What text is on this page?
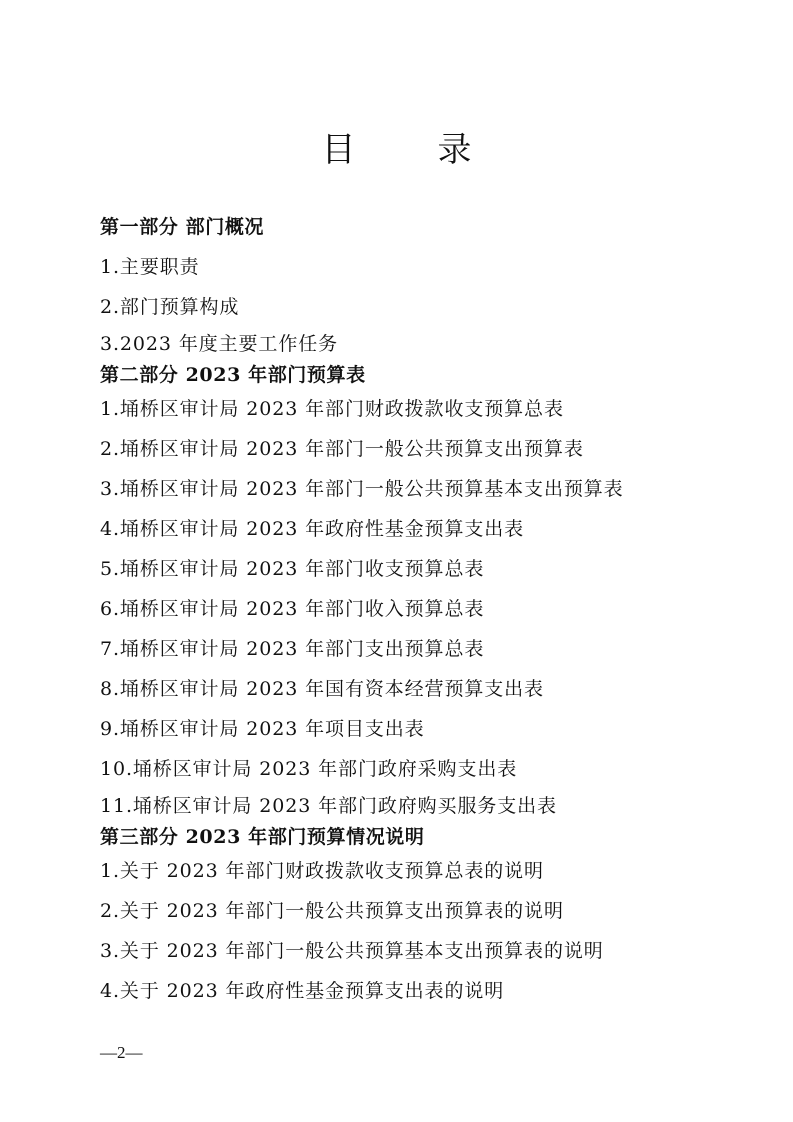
目　录
第一部分 部门概况
1.主要职责
2.部门预算构成
3.2023 年度主要工作任务
第二部分 2023 年部门预算表
1.埇桥区审计局 2023 年部门财政拨款收支预算总表
2.埇桥区审计局 2023 年部门一般公共预算支出预算表
3.埇桥区审计局 2023 年部门一般公共预算基本支出预算表
4.埇桥区审计局 2023 年政府性基金预算支出表
5.埇桥区审计局 2023 年部门收支预算总表
6.埇桥区审计局 2023 年部门收入预算总表
7.埇桥区审计局 2023 年部门支出预算总表
8.埇桥区审计局 2023 年国有资本经营预算支出表
9.埇桥区审计局 2023 年项目支出表
10.埇桥区审计局 2023 年部门政府采购支出表
11.埇桥区审计局 2023 年部门政府购买服务支出表
第三部分 2023 年部门预算情况说明
1.关于 2023 年部门财政拨款收支预算总表的说明
2.关于 2023 年部门一般公共预算支出预算表的说明
3.关于 2023 年部门一般公共预算基本支出预算表的说明
4.关于 2023 年政府性基金预算支出表的说明
—2—
